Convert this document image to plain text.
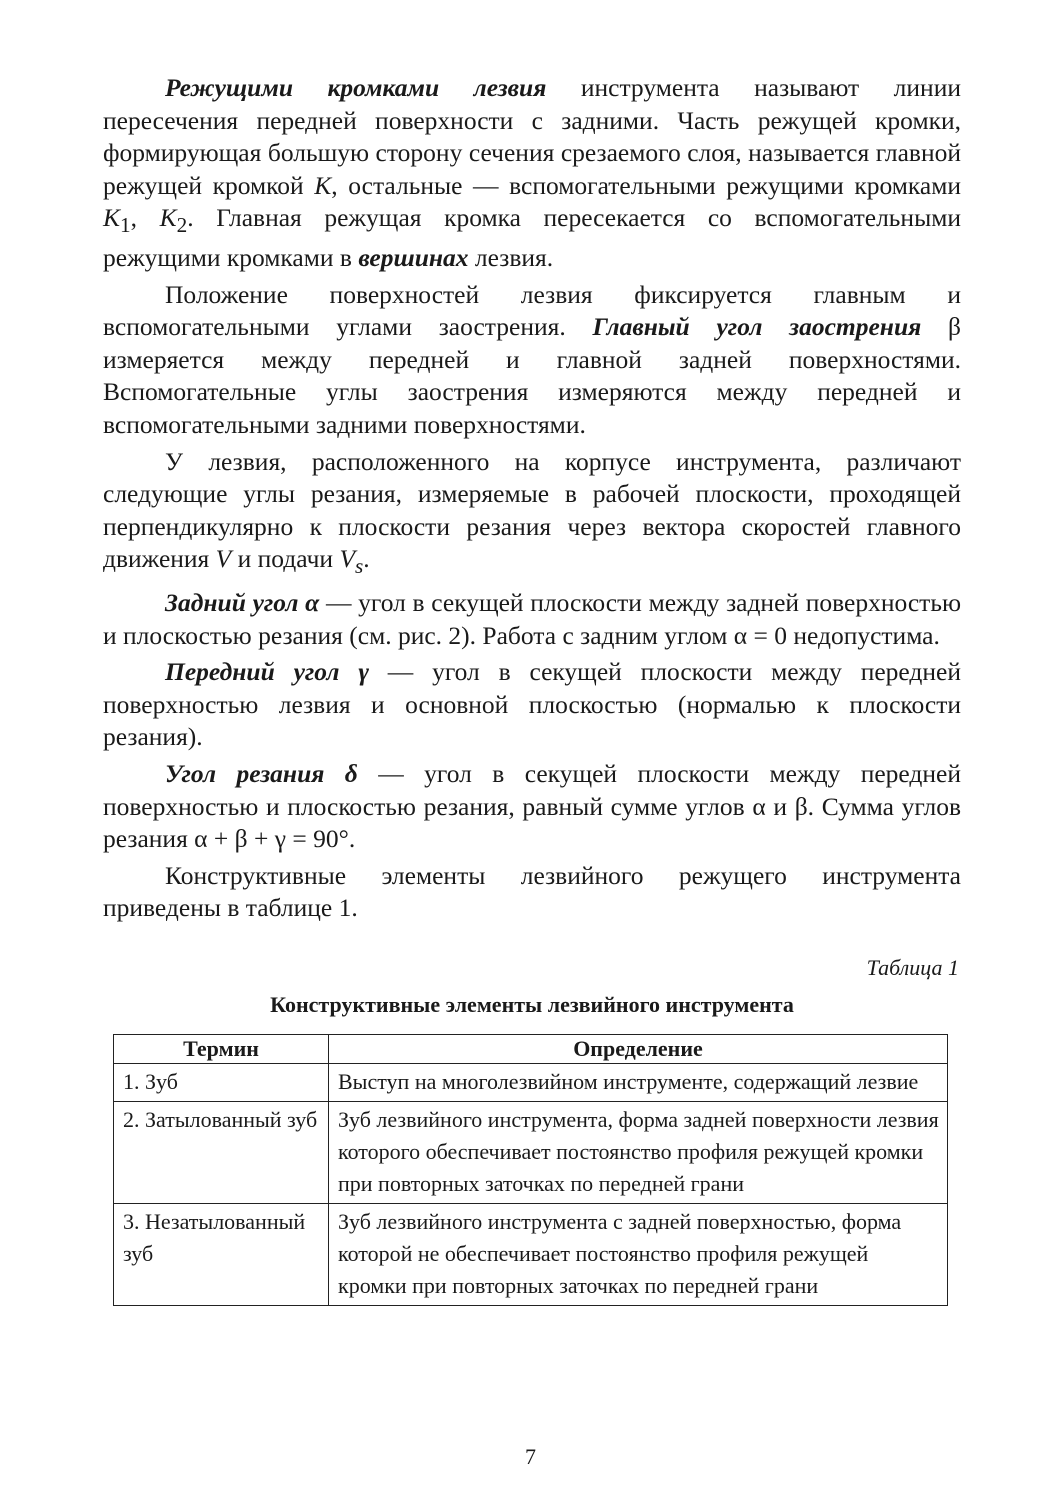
Режущими кромками лезвия инструмента называют линии пересечения передней поверхности с задними. Часть режущей кромки, формирующая большую сторону сечения срезаемого слоя, называется главной режущей кромкой K, остальные — вспомогательными режущими кромками $K_1$, $K_2$. Главная режущая кромка пересекается со вспомогательными режущими кромками в вершинах лезвия.

Положение поверхностей лезвия фиксируется главным и вспомогательными углами заострения. Главный угол заострения β измеряется между передней и главной задней поверхностями. Вспомогательные углы заострения измеряются между передней и вспомогательными задними поверхностями.

У лезвия, расположенного на корпусе инструмента, различают следующие углы резания, измеряемые в рабочей плоскости, проходящей перпендикулярно к плоскости резания через вектора скоростей главного движения V и подачи $V_s$.

Задний угол α — угол в секущей плоскости между задней поверхностью и плоскостью резания (см. рис. 2). Работа с задним углом α = 0 недопустима.

Передний угол γ — угол в секущей плоскости между передней поверхностью лезвия и основной плоскостью (нормалью к плоскости резания).

Угол резания δ — угол в секущей плоскости между передней поверхностью и плоскостью резания, равный сумме углов α и β. Сумма углов резания α + β + γ = 90°.

Конструктивные элементы лезвийного режущего инструмента приведены в таблице 1.

Таблица 1
Конструктивные элементы лезвийного инструмента
Термин	Определение
1. Зуб	Выступ на многолезвийном инструменте, содержащий лезвие
2. Затылованный зуб	Зуб лезвийного инструмента, форма задней поверхности лезвия которого обеспечивает постоянство профиля режущей кромки при повторных заточках по передней грани
3. Незатылованный зуб	Зуб лезвийного инструмента с задней поверхностью, форма которой не обеспечивает постоянство профиля режущей кромки при повторных заточках по передней грани
7
